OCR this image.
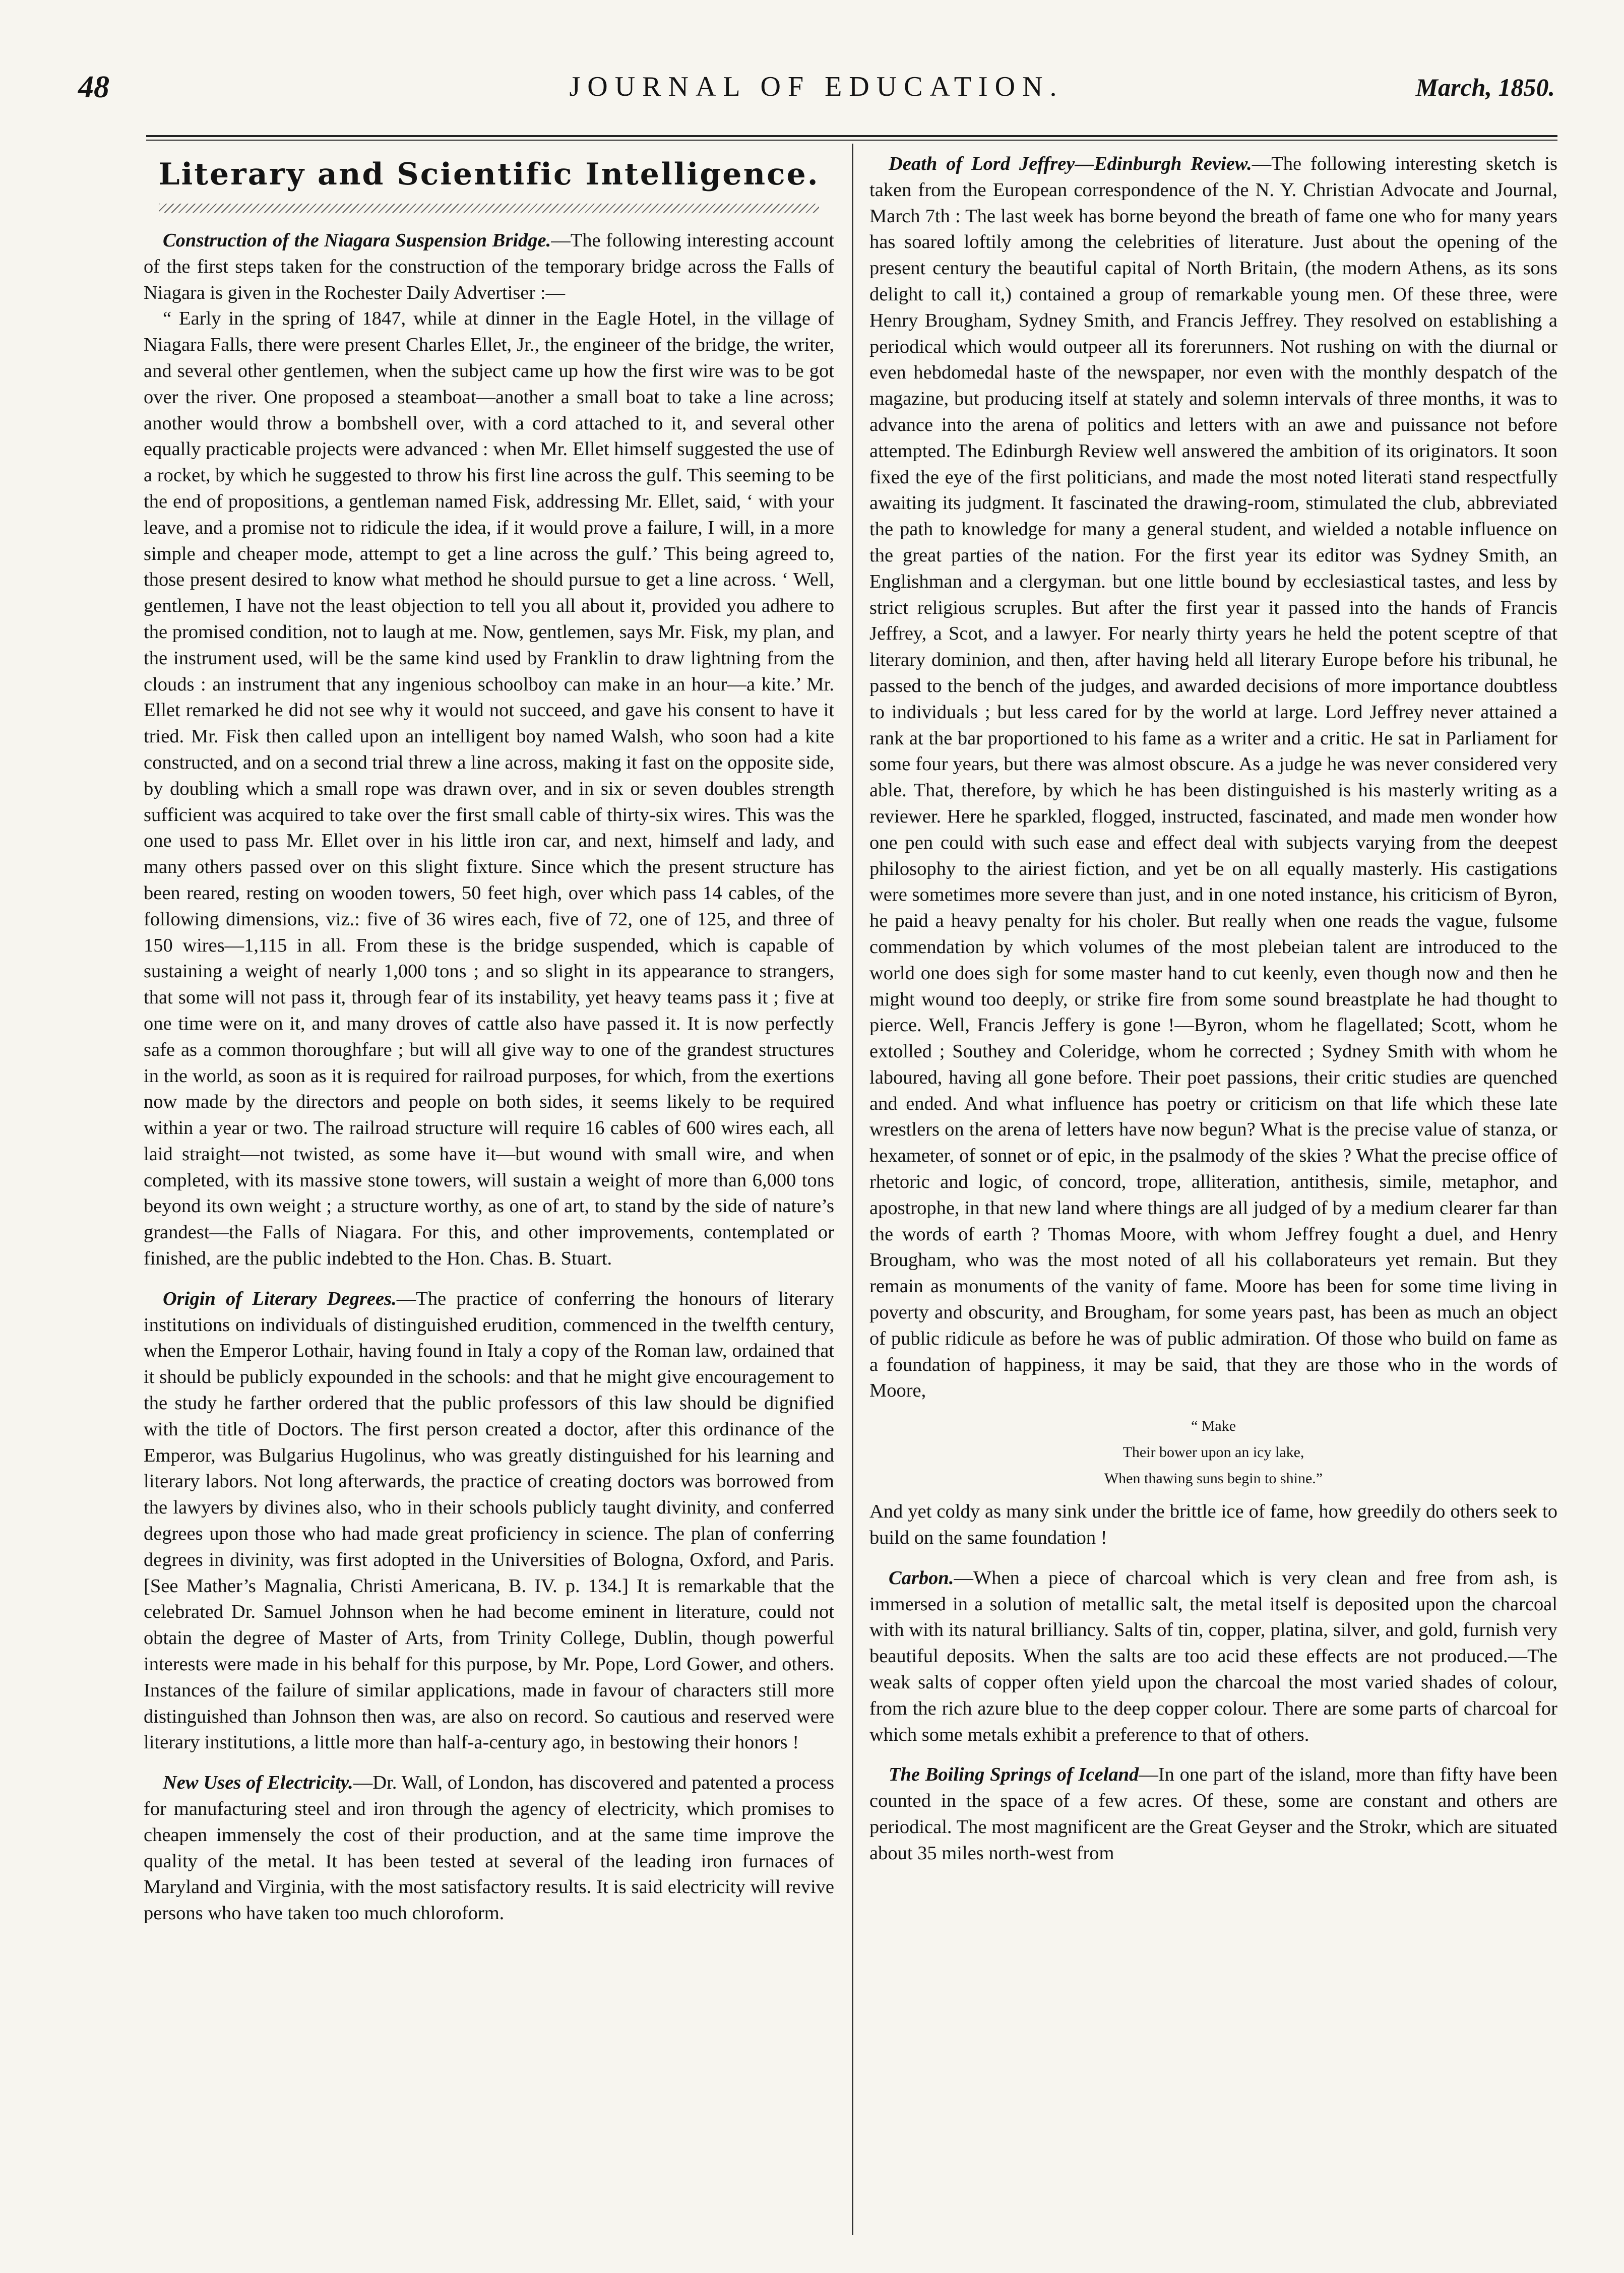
48	JOURNAL OF EDUCATION.	March, 1850.
Literary and Scientific Intelligence.

Construction of the Niagara Suspension Bridge.—The following interesting account of the first steps taken for the construction of the temporary bridge across the Falls of Niagara is given in the Rochester Daily Advertiser :—

“ Early in the spring of 1847, while at dinner in the Eagle Hotel, in the village of Niagara Falls, there were present Charles Ellet, Jr., the engineer of the bridge, the writer, and several other gentlemen, when the subject came up how the first wire was to be got over the river. One proposed a steamboat—another a small boat to take a line across; another would throw a bombshell over, with a cord attached to it, and several other equally practicable projects were advanced : when Mr. Ellet himself suggested the use of a rocket, by which he suggested to throw his first line across the gulf. This seeming to be the end of propositions, a gentleman named Fisk, addressing Mr. Ellet, said, ‘ with your leave, and a promise not to ridicule the idea, if it would prove a failure, I will, in a more simple and cheaper mode, attempt to get a line across the gulf.’ This being agreed to, those present desired to know what method he should pursue to get a line across. ‘ Well, gentlemen, I have not the least objection to tell you all about it, provided you adhere to the promised condition, not to laugh at me. Now, gentlemen, says Mr. Fisk, my plan, and the instrument used, will be the same kind used by Franklin to draw lightning from the clouds : an instrument that any ingenious schoolboy can make in an hour—a kite.’ Mr. Ellet remarked he did not see why it would not succeed, and gave his consent to have it tried. Mr. Fisk then called upon an intelligent boy named Walsh, who soon had a kite constructed, and on a second trial threw a line across, making it fast on the opposite side, by doubling which a small rope was drawn over, and in six or seven doubles strength sufficient was acquired to take over the first small cable of thirty-six wires. This was the one used to pass Mr. Ellet over in his little iron car, and next, himself and lady, and many others passed over on this slight fixture. Since which the present structure has been reared, resting on wooden towers, 50 feet high, over which pass 14 cables, of the following dimensions, viz.: five of 36 wires each, five of 72, one of 125, and three of 150 wires—1,115 in all. From these is the bridge suspended, which is capable of sustaining a weight of nearly 1,000 tons ; and so slight in its appearance to strangers, that some will not pass it, through fear of its instability, yet heavy teams pass it ; five at one time were on it, and many droves of cattle also have passed it. It is now perfectly safe as a common thoroughfare ; but will all give way to one of the grandest structures in the world, as soon as it is required for railroad purposes, for which, from the exertions now made by the directors and people on both sides, it seems likely to be required within a year or two. The railroad structure will require 16 cables of 600 wires each, all laid straight—not twisted, as some have it—but wound with small wire, and when completed, with its massive stone towers, will sustain a weight of more than 6,000 tons beyond its own weight ; a structure worthy, as one of art, to stand by the side of nature’s grandest—the Falls of Niagara. For this, and other improvements, contemplated or finished, are the public indebted to the Hon. Chas. B. Stuart.

Origin of Literary Degrees.—The practice of conferring the honours of literary institutions on individuals of distinguished erudition, commenced in the twelfth century, when the Emperor Lothair, having found in Italy a copy of the Roman law, ordained that it should be publicly expounded in the schools: and that he might give encouragement to the study he farther ordered that the public professors of this law should be dignified with the title of Doctors. The first person created a doctor, after this ordinance of the Emperor, was Bulgarius Hugolinus, who was greatly distinguished for his learning and literary labors. Not long afterwards, the practice of creating doctors was borrowed from the lawyers by divines also, who in their schools publicly taught divinity, and conferred degrees upon those who had made great proficiency in science. The plan of conferring degrees in divinity, was first adopted in the Universities of Bologna, Oxford, and Paris. [See Mather’s Magnalia, Christi Americana, B. IV. p. 134.] It is remarkable that the celebrated Dr. Samuel Johnson when he had become eminent in literature, could not obtain the degree of Master of Arts, from Trinity College, Dublin, though powerful interests were made in his behalf for this purpose, by Mr. Pope, Lord Gower, and others. Instances of the failure of similar applications, made in favour of characters still more distinguished than Johnson then was, are also on record. So cautious and reserved were literary institutions, a little more than half-a-century ago, in bestowing their honors !

New Uses of Electricity.—Dr. Wall, of London, has discovered and patented a process for manufacturing steel and iron through the agency of electricity, which promises to cheapen immensely the cost of their production, and at the same time improve the quality of the metal. It has been tested at several of the leading iron furnaces of Maryland and Virginia, with the most satisfactory results. It is said electricity will revive persons who have taken too much chloroform.

Death of Lord Jeffrey—Edinburgh Review.—The following interesting sketch is taken from the European correspondence of the N. Y. Christian Advocate and Journal, March 7th : The last week has borne beyond the breath of fame one who for many years has soared loftily among the celebrities of literature. Just about the opening of the present century the beautiful capital of North Britain, (the modern Athens, as its sons delight to call it,) contained a group of remarkable young men. Of these three, were Henry Brougham, Sydney Smith, and Francis Jeffrey. They resolved on establishing a periodical which would outpeer all its forerunners. Not rushing on with the diurnal or even hebdomedal haste of the newspaper, nor even with the monthly despatch of the magazine, but producing itself at stately and solemn intervals of three months, it was to advance into the arena of politics and letters with an awe and puissance not before attempted. The Edinburgh Review well answered the ambition of its originators. It soon fixed the eye of the first politicians, and made the most noted literati stand respectfully awaiting its judgment. It fascinated the drawing-room, stimulated the club, abbreviated the path to knowledge for many a general student, and wielded a notable influence on the great parties of the nation. For the first year its editor was Sydney Smith, an Englishman and a clergyman. but one little bound by ecclesiastical tastes, and less by strict religious scruples. But after the first year it passed into the hands of Francis Jeffrey, a Scot, and a lawyer. For nearly thirty years he held the potent sceptre of that literary dominion, and then, after having held all literary Europe before his tribunal, he passed to the bench of the judges, and awarded decisions of more importance doubtless to individuals ; but less cared for by the world at large. Lord Jeffrey never attained a rank at the bar proportioned to his fame as a writer and a critic. He sat in Parliament for some four years, but there was almost obscure. As a judge he was never considered very able. That, therefore, by which he has been distinguished is his masterly writing as a reviewer. Here he sparkled, flogged, instructed, fascinated, and made men wonder how one pen could with such ease and effect deal with subjects varying from the deepest philosophy to the airiest fiction, and yet be on all equally masterly. His castigations were sometimes more severe than just, and in one noted instance, his criticism of Byron, he paid a heavy penalty for his choler. But really when one reads the vague, fulsome commendation by which volumes of the most plebeian talent are introduced to the world one does sigh for some master hand to cut keenly, even though now and then he might wound too deeply, or strike fire from some sound breastplate he had thought to pierce. Well, Francis Jeffery is gone !—Byron, whom he flagellated; Scott, whom he extolled ; Southey and Coleridge, whom he corrected ; Sydney Smith with whom he laboured, having all gone before. Their poet passions, their critic studies are quenched and ended. And what influence has poetry or criticism on that life which these late wrestlers on the arena of letters have now begun? What is the precise value of stanza, or hexameter, of sonnet or of epic, in the psalmody of the skies ? What the precise office of rhetoric and logic, of concord, trope, alliteration, antithesis, simile, metaphor, and apostrophe, in that new land where things are all judged of by a medium clearer far than the words of earth ? Thomas Moore, with whom Jeffrey fought a duel, and Henry Brougham, who was the most noted of all his collaborateurs yet remain. But they remain as monuments of the vanity of fame. Moore has been for some time living in poverty and obscurity, and Brougham, for some years past, has been as much an object of public ridicule as before he was of public admiration. Of those who build on fame as a foundation of happiness, it may be said, that they are those who in the words of Moore,

“ Make
Their bower upon an icy lake,
When thawing suns begin to shine.”

And yet coldy as many sink under the brittle ice of fame, how greedily do others seek to build on the same foundation !

Carbon.—When a piece of charcoal which is very clean and free from ash, is immersed in a solution of metallic salt, the metal itself is deposited upon the charcoal with with its natural brilliancy. Salts of tin, copper, platina, silver, and gold, furnish very beautiful deposits. When the salts are too acid these effects are not produced.—The weak salts of copper often yield upon the charcoal the most varied shades of colour, from the rich azure blue to the deep copper colour. There are some parts of charcoal for which some metals exhibit a preference to that of others.

The Boiling Springs of Iceland—In one part of the island, more than fifty have been counted in the space of a few acres. Of these, some are constant and others are periodical. The most magnificent are the Great Geyser and the Strokr, which are situated about 35 miles north-west from
